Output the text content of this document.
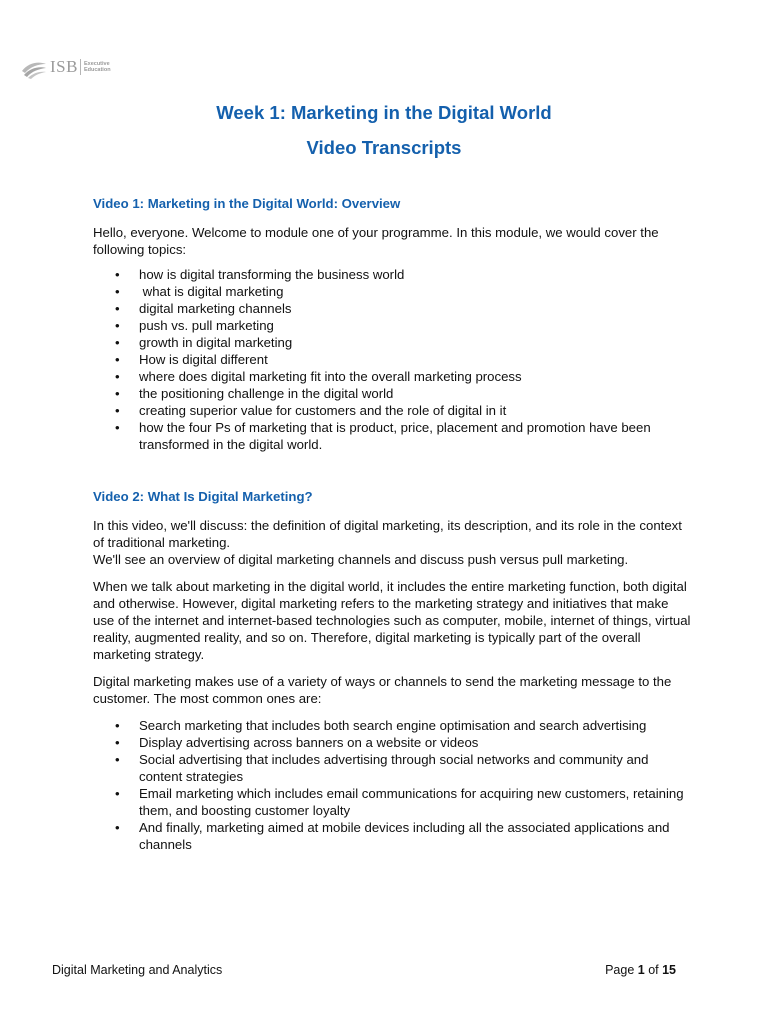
ISB Executive
Education
Week 1: Marketing in the Digital World
Video Transcripts
Video 1: Marketing in the Digital World: Overview

Hello, everyone. Welcome to module one of your programme. In this module, we would cover the following topics:

• how is digital transforming the business world
• what is digital marketing
• digital marketing channels
• push vs. pull marketing
• growth in digital marketing
• How is digital different
• where does digital marketing fit into the overall marketing process
• the positioning challenge in the digital world
• creating superior value for customers and the role of digital in it
• how the four Ps of marketing that is product, price, placement and promotion have been transformed in the digital world.
Video 2: What Is Digital Marketing?

In this video, we'll discuss: the definition of digital marketing, its description, and its role in the context of traditional marketing.

We'll see an overview of digital marketing channels and discuss push versus pull marketing.

When we talk about marketing in the digital world, it includes the entire marketing function, both digital and otherwise. However, digital marketing refers to the marketing strategy and initiatives that make use of the internet and internet-based technologies such as computer, mobile, internet of things, virtual reality, augmented reality, and so on. Therefore, digital marketing is typically part of the overall marketing strategy.

Digital marketing makes use of a variety of ways or channels to send the marketing message to the customer. The most common ones are:

• Search marketing that includes both search engine optimisation and search advertising
• Display advertising across banners on a website or videos
• Social advertising that includes advertising through social networks and community and content strategies
• Email marketing which includes email communications for acquiring new customers, retaining them, and boosting customer loyalty
• And finally, marketing aimed at mobile devices including all the associated applications and channels
Digital Marketing and Analytics	Page 1 of 15
